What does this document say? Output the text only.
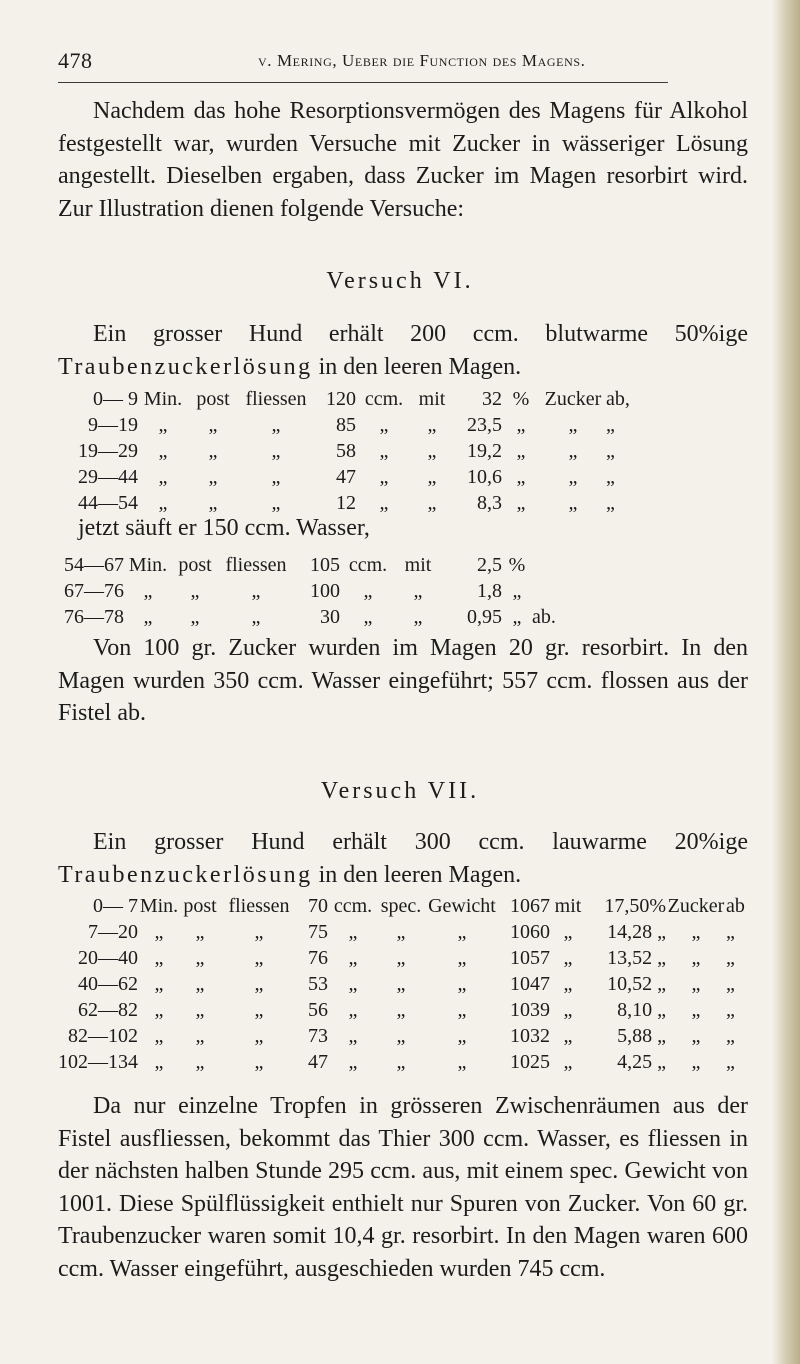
478	v. Mering, Ueber die Function des Magens.

Nachdem das hohe Resorptionsvermögen des Magens für Alkohol festgestellt war, wurden Versuche mit Zucker in wässeriger Lösung angestellt. Dieselben ergaben, dass Zucker im Magen resorbirt wird. Zur Illustration dienen folgende Versuche:

Versuch VI.

Ein grosser Hund erhält 200 ccm. blutwarme 50%ige Traubenzuckerlösung in den leeren Magen.

0— 9	Min.	post	fliessen	120	ccm.	mit	32	%	Zucker	ab,
9—19	„	„	„	85	„	„	23,5	„	„	„
19—29	„	„	„	58	„	„	19,2	„	„	„
29—44	„	„	„	47	„	„	10,6	„	„	„
44—54	„	„	„	12	„	„	8,3	„	„	„
jetzt säuft er 150 ccm. Wasser,
54—67	Min.	post	fliessen	105	ccm.	mit	2,5	%	
67—76	„	„	„	100	„	„	1,8	„	
76—78	„	„	„	30	„	„	0,95	„	ab.

Von 100 gr. Zucker wurden im Magen 20 gr. resorbirt. In den Magen wurden 350 ccm. Wasser eingeführt; 557 ccm. flossen aus der Fistel ab.

Versuch VII.

Ein grosser Hund erhält 300 ccm. lauwarme 20%ige Traubenzuckerlösung in den leeren Magen.

0— 7	Min.	post	fliessen	70	ccm.	spec.	Gewicht	1067	mit	17,50%	Zucker	ab
7—20	„	„	„	75	„	„	„	1060	„	14,28 „	„	„
20—40	„	„	„	76	„	„	„	1057	„	13,52 „	„	„
40—62	„	„	„	53	„	„	„	1047	„	10,52 „	„	„
62—82	„	„	„	56	„	„	„	1039	„	8,10 „	„	„
82—102	„	„	„	73	„	„	„	1032	„	5,88 „	„	„
102—134	„	„	„	47	„	„	„	1025	„	4,25 „	„	„

Da nur einzelne Tropfen in grösseren Zwischenräumen aus der Fistel ausfliessen, bekommt das Thier 300 ccm. Wasser, es fliessen in der nächsten halben Stunde 295 ccm. aus, mit einem spec. Gewicht von 1001. Diese Spülflüssigkeit enthielt nur Spuren von Zucker. Von 60 gr. Traubenzucker waren somit 10,4 gr. resorbirt. In den Magen waren 600 ccm. Wasser eingeführt, ausgeschieden wurden 745 ccm.
